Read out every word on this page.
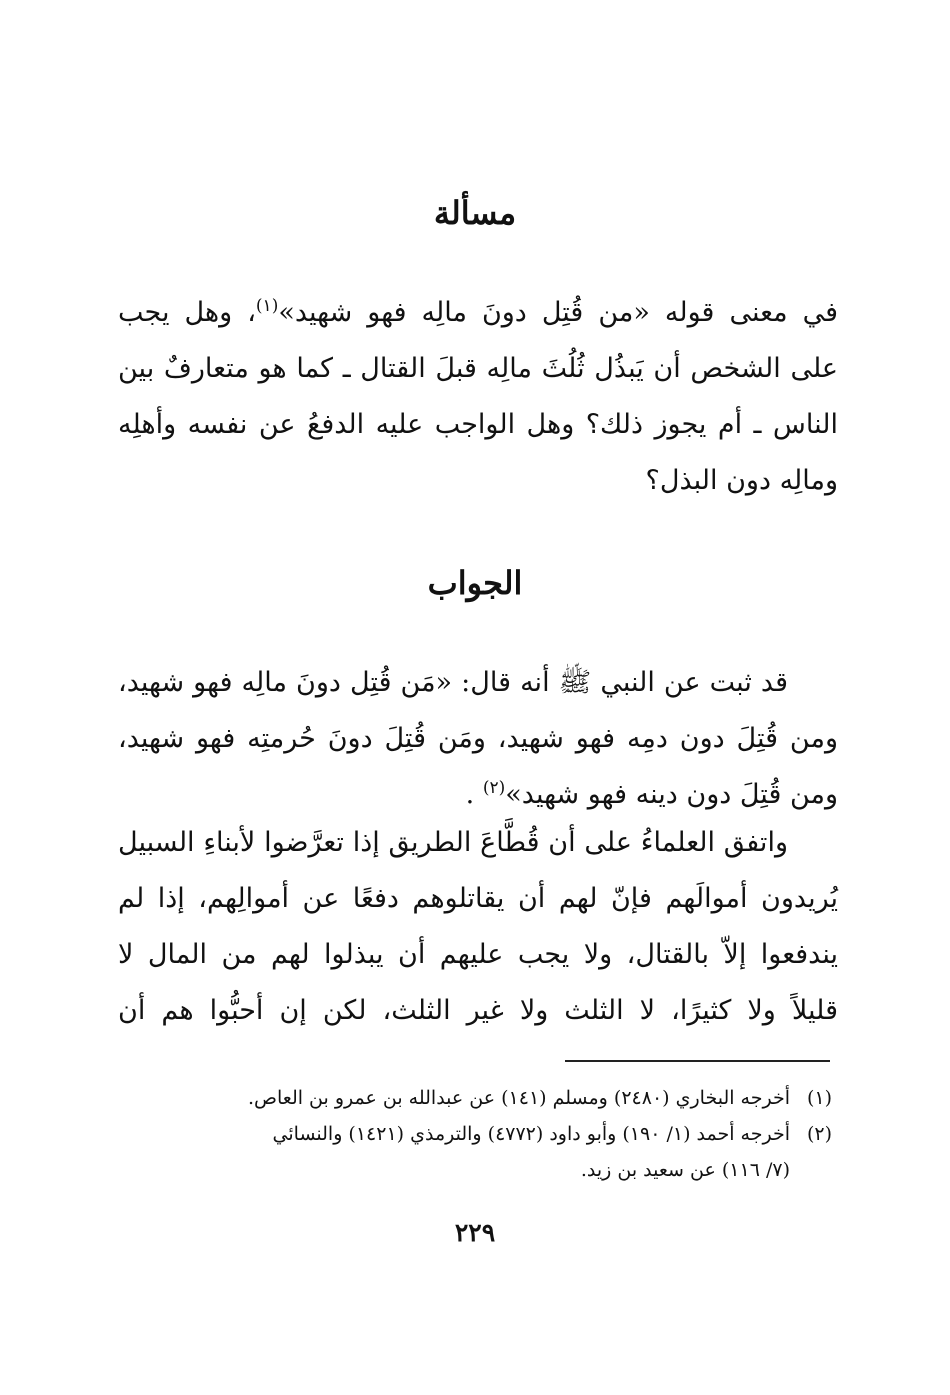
مسألة
في معنى قوله «من قُتِل دونَ مالِه فهو شهيد»$^{(١)}$، وهل يجب
على الشخص أن يَبذُل ثُلُثَ مالِه قبلَ القتال ـ كما هو متعارفٌ بين
الناس ـ أم يجوز ذلك؟ وهل الواجب عليه الدفعُ عن نفسه وأهلِه
ومالِه دون البذل؟
الجواب
قد ثبت عن النبي ﷺ أنه قال: «مَن قُتِل دونَ مالِه فهو شهيد،
ومن قُتِلَ دون دمِه فهو شهيد، ومَن قُتِلَ دونَ حُرمتِه فهو شهيد،
ومن قُتِلَ دون دينه فهو شهيد»$^{(٢)}$ .
واتفق العلماءُ على أن قُطَّاعَ الطريق إذا تعرَّضوا لأبناءِ السبيل
يُريدون أموالَهم فإنّ لهم أن يقاتلوهم دفعًا عن أموالِهم، إذا لم
يندفعوا إلاّ بالقتال، ولا يجب عليهم أن يبذلوا لهم من المال لا
قليلاً ولا كثيرًا، لا الثلث ولا غير الثلث، لكن إن أحبُّوا هم أن
(١)أخرجه البخاري (٢٤٨٠) ومسلم (١٤١) عن عبدالله بن عمرو بن العاص.
(٢)أخرجه أحمد (١/ ١٩٠) وأبو داود (٤٧٧٢) والترمذي (١٤٢١) والنسائي
(٧/ ١١٦) عن سعيد بن زيد.
٢٢٩
